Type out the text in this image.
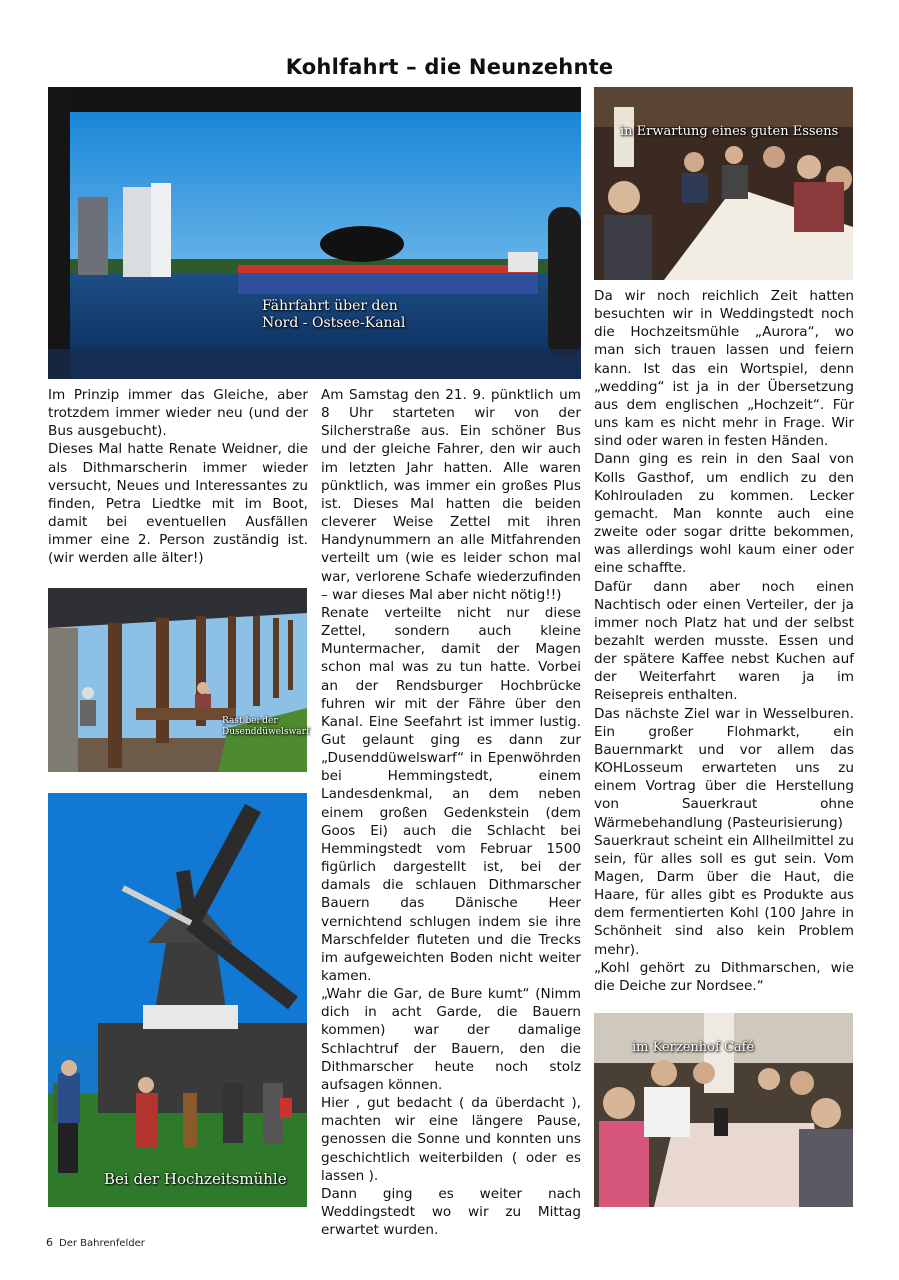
Kohlfahrt – die Neunzehnte
Fährfahrt über den Nord - Ostsee-Kanal
in Erwartung eines guten Essens
Rast bei der Dusenddüwelswarf
Bei der Hochzeitsmühle
im Kerzenhof Café

Im Prinzip immer das Gleiche, aber trotzdem immer wieder neu (und der Bus ausgebucht).

Dieses Mal hatte Renate Weidner, die als Dithmarscherin immer wieder versucht, Neues und Interessantes zu finden, Petra Liedtke mit im Boot, damit bei eventuellen Ausfällen immer eine 2. Person zuständig ist. (wir werden alle älter!)

Am Samstag den 21. 9. pünktlich um 8 Uhr starteten wir von der Silcherstraße aus. Ein schöner Bus und der gleiche Fahrer, den wir auch im letzten Jahr hatten. Alle waren pünktlich, was immer ein großes Plus ist. Dieses Mal hatten die beiden cleverer Weise Zettel mit ihren Handynummern an alle Mitfahrenden verteilt um (wie es leider schon mal war, verlorene Schafe wiederzufinden – war dieses Mal aber nicht nötig!!)

Renate verteilte nicht nur diese Zettel, sondern auch kleine Muntermacher, damit der Magen schon mal was zu tun hatte. Vorbei an der Rendsburger Hochbrücke fuhren wir mit der Fähre über den Kanal. Eine Seefahrt ist immer lustig. Gut gelaunt ging es dann zur „Dusenddüwelswarf“ in Epenwöhrden bei Hemmingstedt, einem Landesdenkmal, an dem neben einem großen Gedenkstein (dem Goos Ei) auch die Schlacht bei Hemmingstedt vom Februar 1500 figürlich dargestellt ist, bei der damals die schlauen Dithmarscher Bauern das Dänische Heer vernichtend schlugen indem sie ihre Marschfelder fluteten und die Trecks im aufgeweichten Boden nicht weiter kamen.

„Wahr die Gar, de Bure kumt“ (Nimm dich in acht Garde, die Bauern kommen) war der damalige Schlachtruf der Bauern, den die Dithmarscher heute noch stolz aufsagen können.

Hier , gut bedacht ( da überdacht ), machten wir eine längere Pause, genossen die Sonne und konnten uns geschichtlich weiterbilden ( oder es lassen ).

Dann ging es weiter nach Weddingstedt wo wir zu Mittag erwartet wurden.

Da wir noch reichlich Zeit hatten besuchten wir in Weddingstedt noch die Hochzeitsmühle „Aurora“, wo man sich trauen lassen und feiern kann. Ist das ein Wortspiel, denn „wedding“ ist ja in der Übersetzung aus dem englischen „Hochzeit“. Für uns kam es nicht mehr in Frage. Wir sind oder waren in festen Händen.

Dann ging es rein in den Saal von Kolls Gasthof, um endlich zu den Kohlrouladen zu kommen. Lecker gemacht. Man konnte auch eine zweite oder sogar dritte bekommen, was allerdings wohl kaum einer oder eine schaffte.

Dafür dann aber noch einen Nachtisch oder einen Verteiler, der ja immer noch Platz hat und der selbst bezahlt werden musste. Essen und der spätere Kaffee nebst Kuchen auf der Weiterfahrt waren ja im Reisepreis enthalten.

Das nächste Ziel war in Wesselburen. Ein großer Flohmarkt, ein Bauernmarkt und vor allem das KOHLosseum erwarteten uns zu einem Vortrag über die Herstellung von Sauerkraut ohne Wärmebehandlung (Pasteurisierung)

Sauerkraut scheint ein Allheilmittel zu sein, für alles soll es gut sein. Vom Magen, Darm über die Haut, die Haare, für alles gibt es Produkte aus dem fermentierten Kohl (100 Jahre in Schönheit sind also kein Problem mehr).

„Kohl gehört zu Dithmarschen, wie die Deiche zur Nordsee.“

6 Der Bahrenfelder
